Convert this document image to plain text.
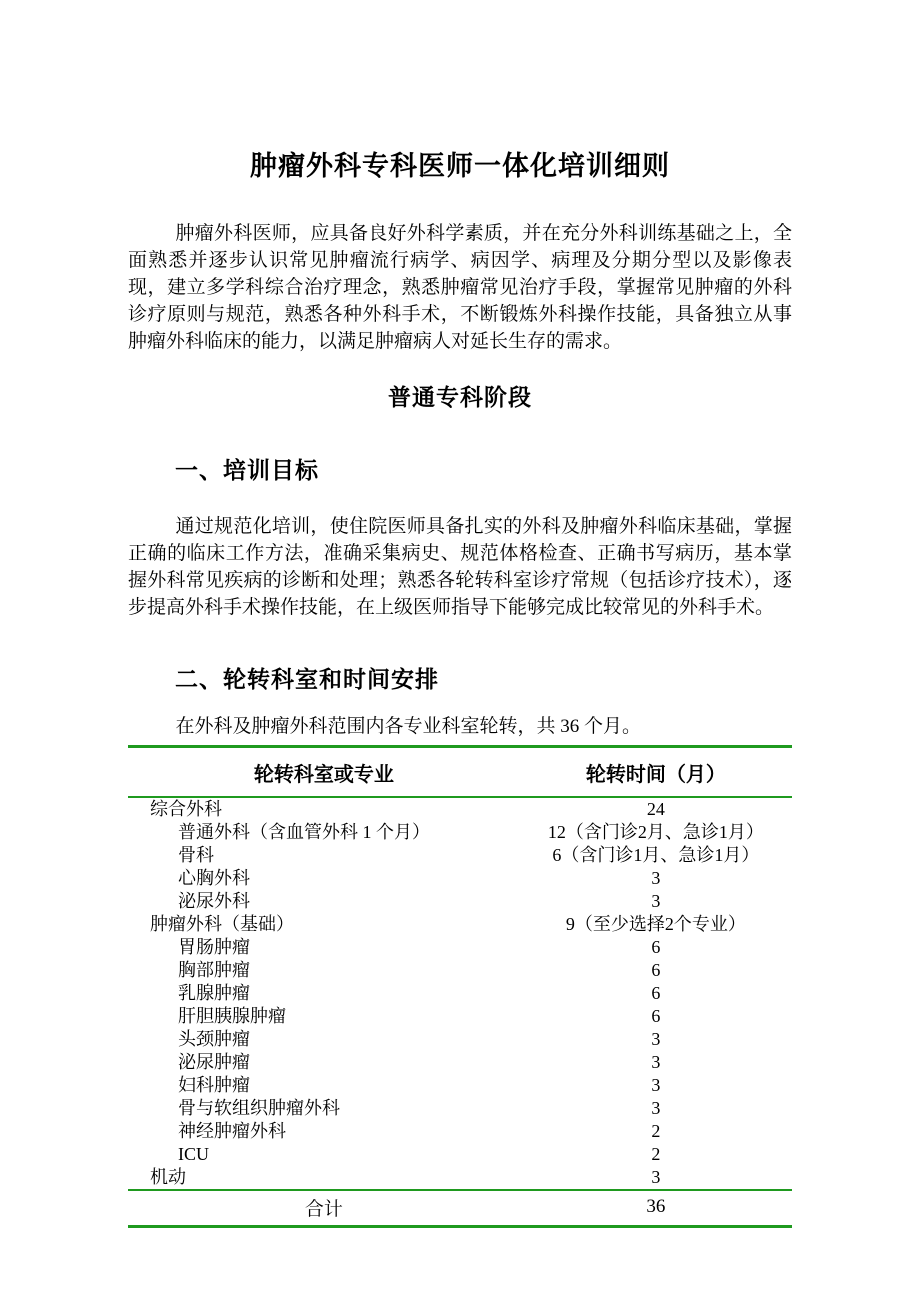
肿瘤外科专科医师一体化培训细则

肿瘤外科医师，应具备良好外科学素质，并在充分外科训练基础之上，全面熟悉并逐步认识常见肿瘤流行病学、病因学、病理及分期分型以及影像表现，建立多学科综合治疗理念，熟悉肿瘤常见治疗手段，掌握常见肿瘤的外科诊疗原则与规范，熟悉各种外科手术，不断锻炼外科操作技能，具备独立从事肿瘤外科临床的能力，以满足肿瘤病人对延长生存的需求。

普通专科阶段
一、培训目标

通过规范化培训，使住院医师具备扎实的外科及肿瘤外科临床基础，掌握正确的临床工作方法，准确采集病史、规范体格检查、正确书写病历，基本掌握外科常见疾病的诊断和处理；熟悉各轮转科室诊疗常规（包括诊疗技术），逐步提高外科手术操作技能，在上级医师指导下能够完成比较常见的外科手术。

二、轮转科室和时间安排

在外科及肿瘤外科范围内各专业科室轮转，共 36 个月。

轮转科室或专业	轮转时间（月）
综合外科	24
普通外科（含血管外科 1 个月）	12（含门诊2月、急诊1月）
骨科	6（含门诊1月、急诊1月）
心胸外科	3
泌尿外科	3
肿瘤外科（基础）	9（至少选择2个专业）
胃肠肿瘤	6
胸部肿瘤	6
乳腺肿瘤	6
肝胆胰腺肿瘤	6
头颈肿瘤	3
泌尿肿瘤	3
妇科肿瘤	3
骨与软组织肿瘤外科	3
神经肿瘤外科	2
ICU	2
机动	3
合计	36
